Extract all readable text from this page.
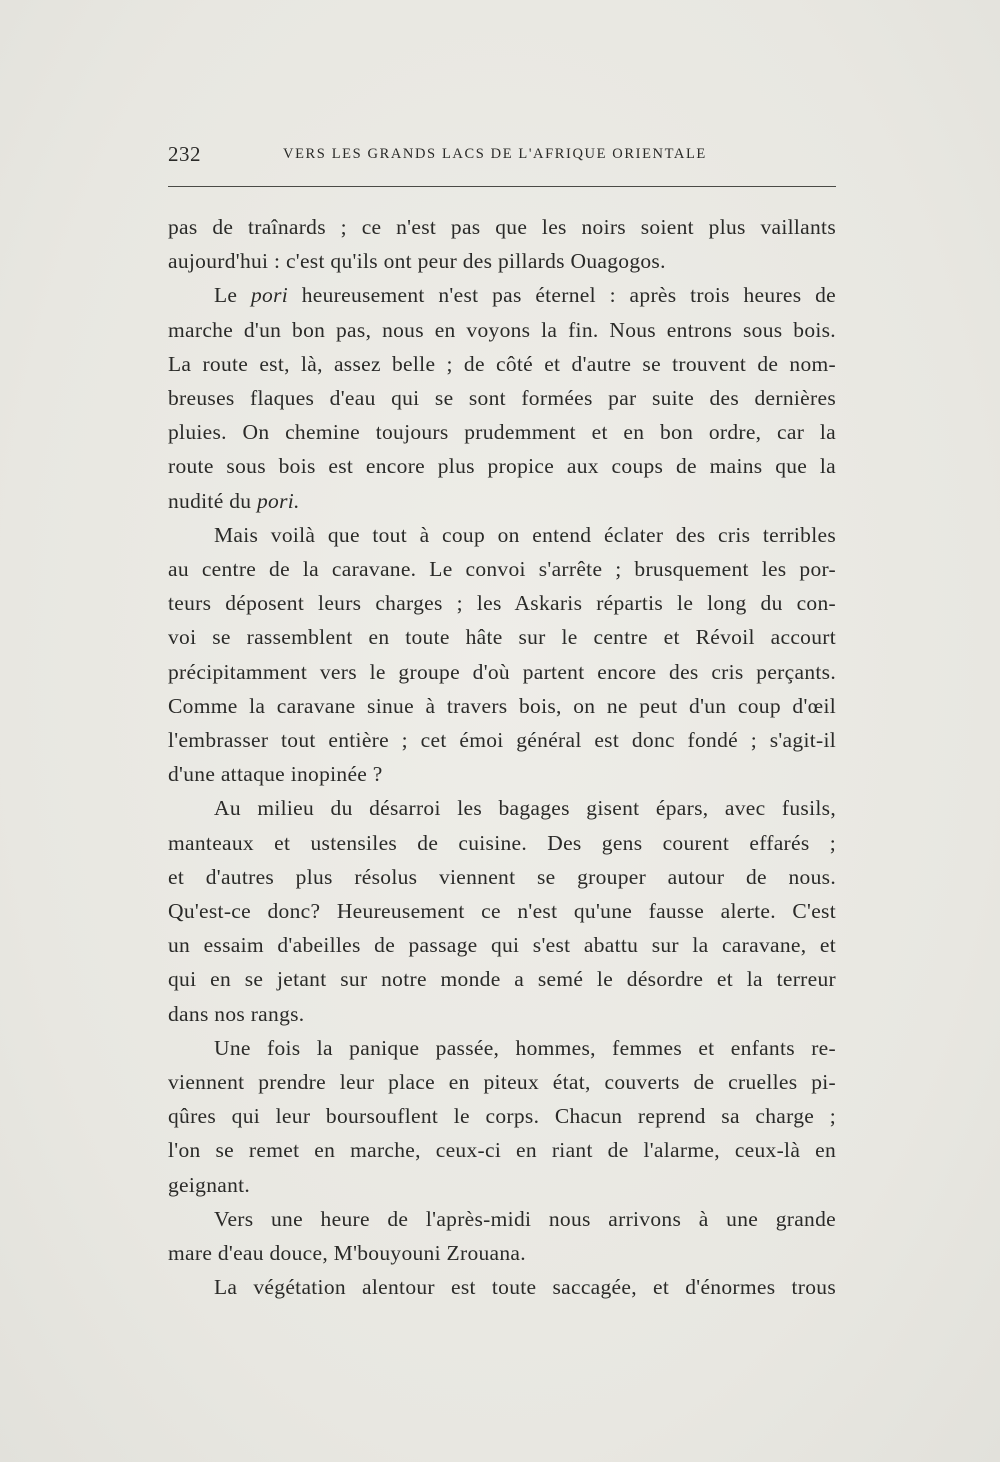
232	VERS LES GRANDS LACS DE L'AFRIQUE ORIENTALE
pas de traînards ; ce n'est pas que les noirs soient plus vaillants
aujourd'hui : c'est qu'ils ont peur des pillards Ouagogos.
Le pori heureusement n'est pas éternel : après trois heures de
marche d'un bon pas, nous en voyons la fin. Nous entrons sous bois.
La route est, là, assez belle ; de côté et d'autre se trouvent de nom-
breuses flaques d'eau qui se sont formées par suite des dernières
pluies. On chemine toujours prudemment et en bon ordre, car la
route sous bois est encore plus propice aux coups de mains que la
nudité du pori.
Mais voilà que tout à coup on entend éclater des cris terribles
au centre de la caravane. Le convoi s'arrête ; brusquement les por-
teurs déposent leurs charges ; les Askaris répartis le long du con-
voi se rassemblent en toute hâte sur le centre et Révoil accourt
précipitamment vers le groupe d'où partent encore des cris perçants.
Comme la caravane sinue à travers bois, on ne peut d'un coup d'œil
l'embrasser tout entière ; cet émoi général est donc fondé ; s'agit-il
d'une attaque inopinée ?
Au milieu du désarroi les bagages gisent épars, avec fusils,
manteaux et ustensiles de cuisine. Des gens courent effarés ;
et d'autres plus résolus viennent se grouper autour de nous.
Qu'est-ce donc? Heureusement ce n'est qu'une fausse alerte. C'est
un essaim d'abeilles de passage qui s'est abattu sur la caravane, et
qui en se jetant sur notre monde a semé le désordre et la terreur
dans nos rangs.
Une fois la panique passée, hommes, femmes et enfants re-
viennent prendre leur place en piteux état, couverts de cruelles pi-
qûres qui leur boursouflent le corps. Chacun reprend sa charge ;
l'on se remet en marche, ceux-ci en riant de l'alarme, ceux-là en
geignant.
Vers une heure de l'après-midi nous arrivons à une grande
mare d'eau douce, M'bouyouni Zrouana.
La végétation alentour est toute saccagée, et d'énormes trous
